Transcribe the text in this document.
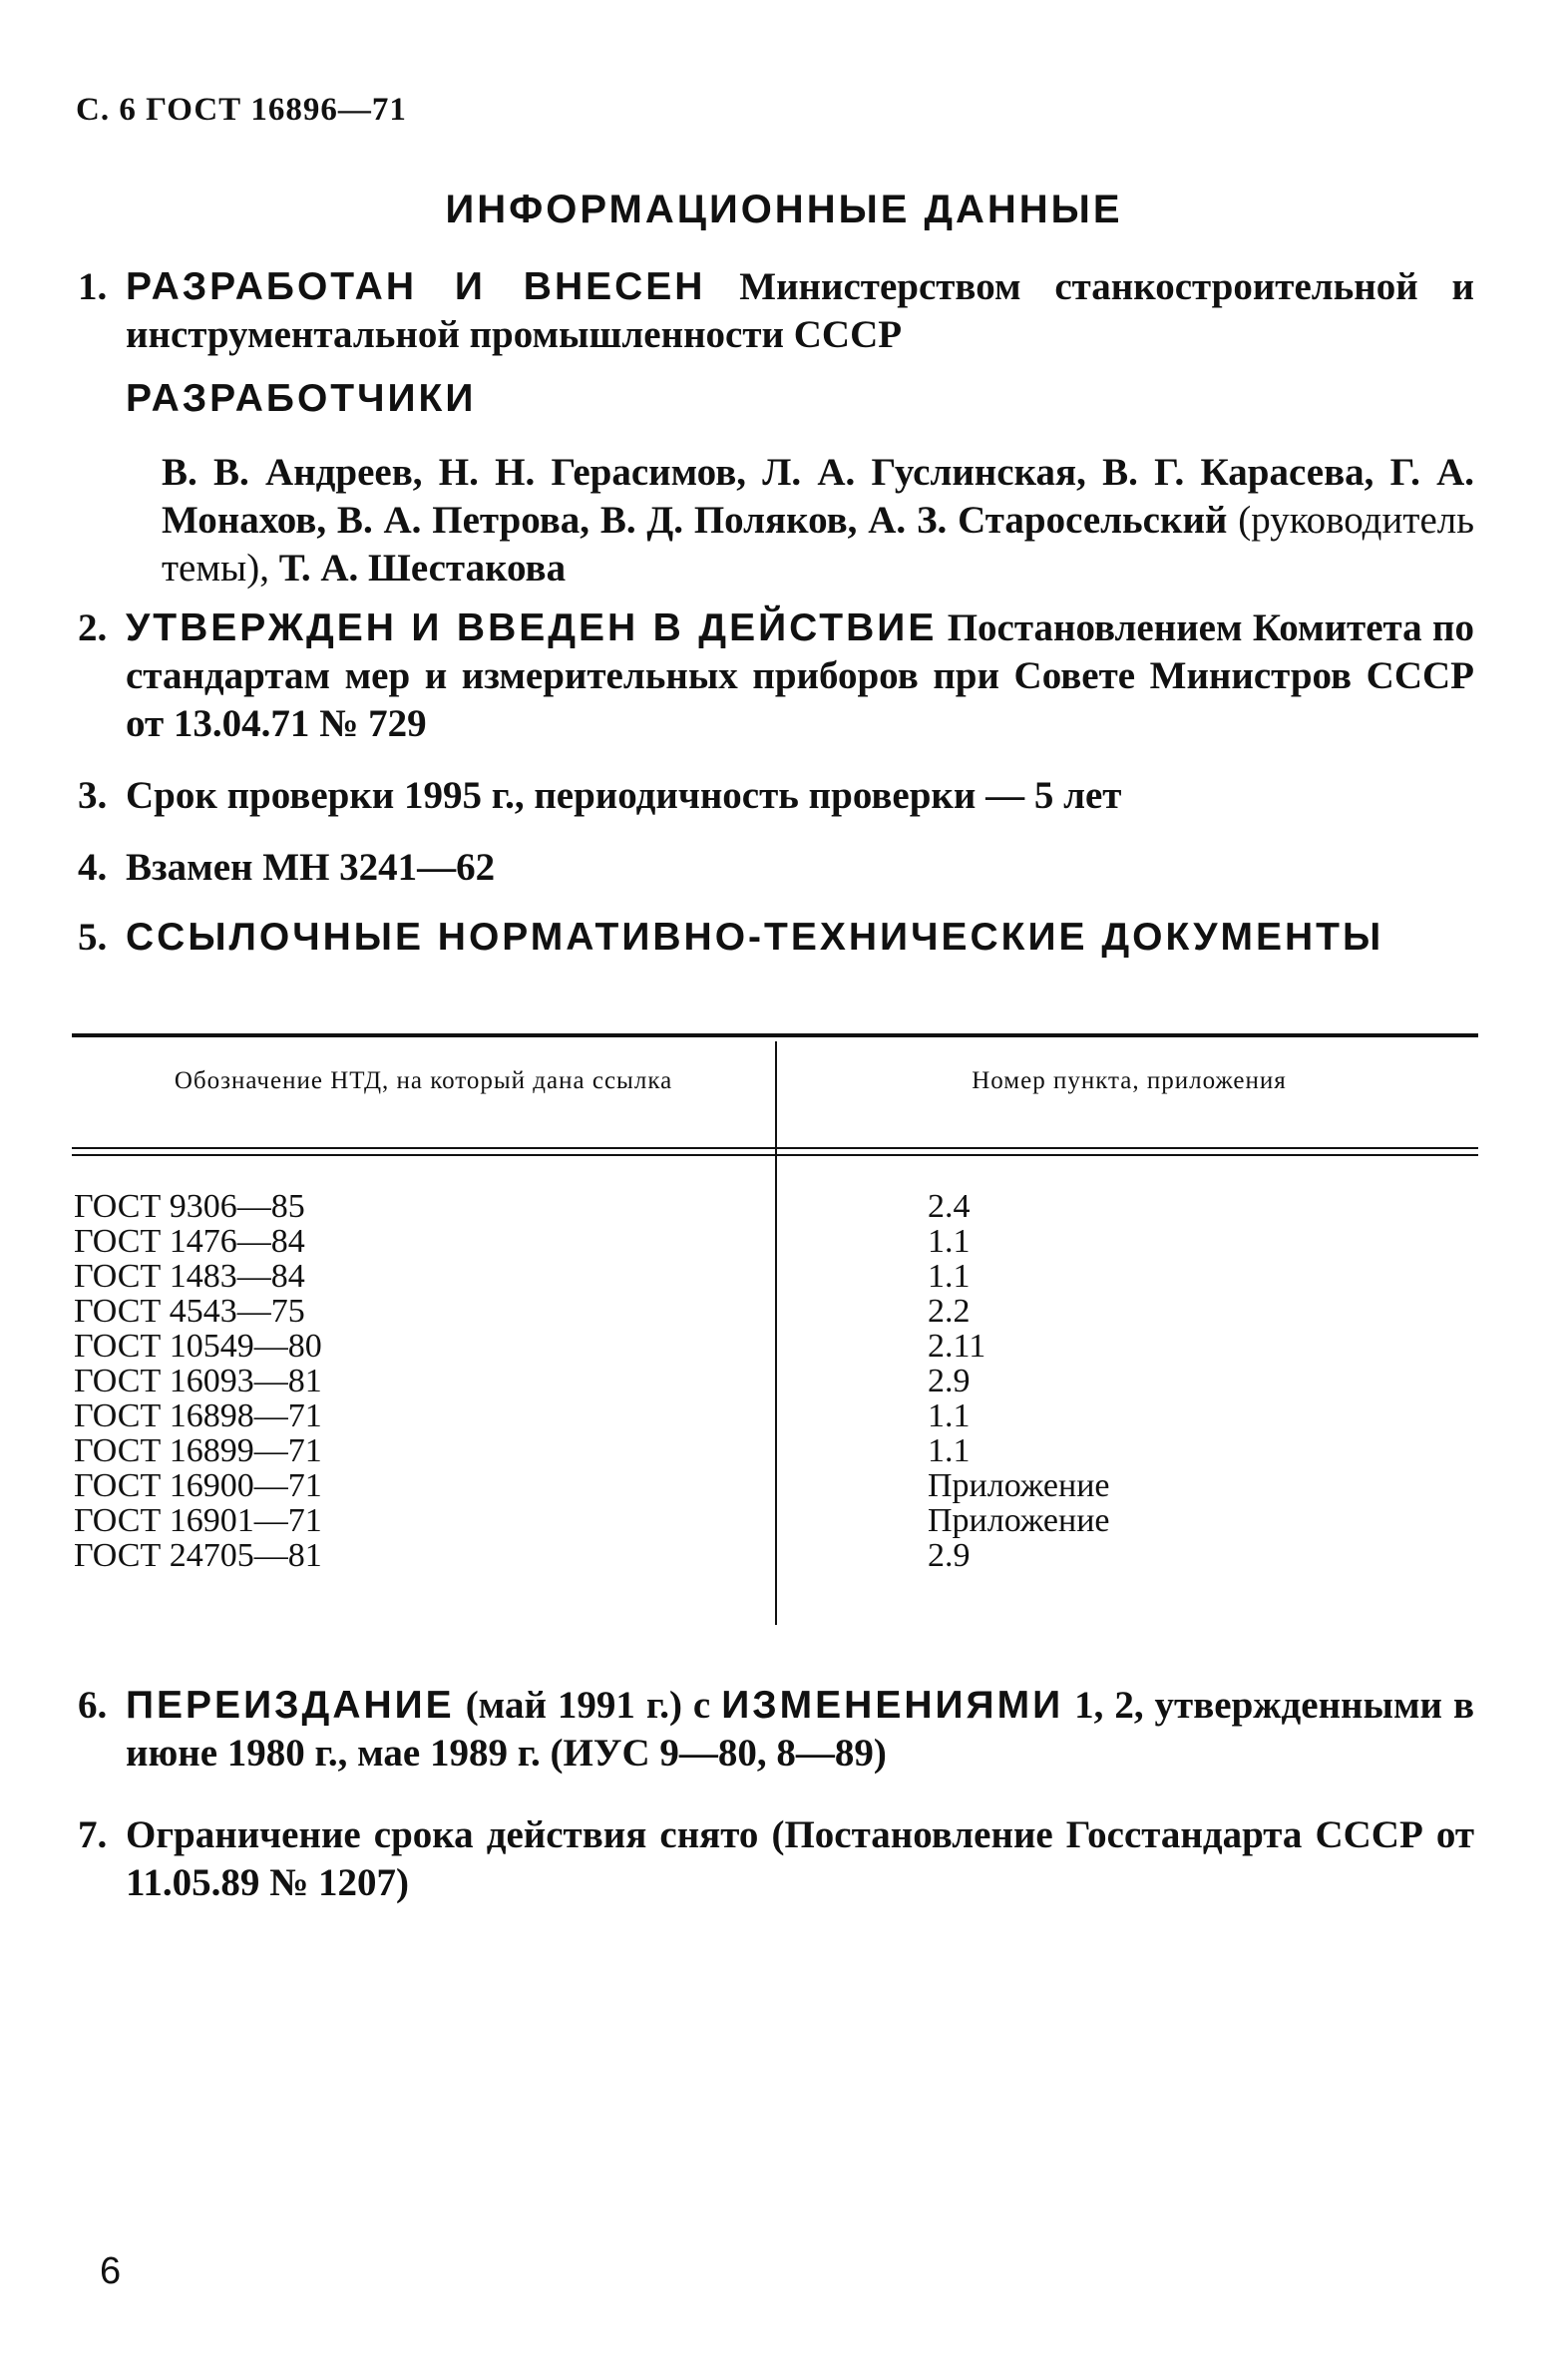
С. 6 ГОСТ 16896—71
ИНФОРМАЦИОННЫЕ ДАННЫЕ
1. РАЗРАБОТАН И ВНЕСЕН Министерством станкостроительной и инструментальной промышленности СССР
РАЗРАБОТЧИКИ
В. В. Андреев, Н. Н. Герасимов, Л. А. Гуслинская, В. Г. Карасева, Г. А. Монахов, В. А. Петрова, В. Д. Поляков, А. З. Старосельский (руководитель темы), Т. А. Шестакова
2. УТВЕРЖДЕН И ВВЕДЕН В ДЕЙСТВИЕ Постановлением Комитета по стандартам мер и измерительных приборов при Совете Министров СССР от 13.04.71 № 729
3. Срок проверки 1995 г., периодичность проверки — 5 лет
4. Взамен МН 3241—62
5. ССЫЛОЧНЫЕ НОРМАТИВНО-ТЕХНИЧЕСКИЕ ДОКУМЕНТЫ
Обозначение НТД, на который дана ссылка	Номер пункта, приложения
ГОСТ 9306—85
ГОСТ 1476—84
ГОСТ 1483—84
ГОСТ 4543—75
ГОСТ 10549—80
ГОСТ 16093—81
ГОСТ 16898—71
ГОСТ 16899—71
ГОСТ 16900—71
ГОСТ 16901—71
ГОСТ 24705—81
2.4
1.1
1.1
2.2
2.11
2.9
1.1
1.1
Приложение
Приложение
2.9
6. ПЕРЕИЗДАНИЕ (май 1991 г.) с ИЗМЕНЕНИЯМИ 1, 2, утвержденными в июне 1980 г., мае 1989 г. (ИУС 9—80, 8—89)
7. Ограничение срока действия снято (Постановление Госстандарта СССР от 11.05.89 № 1207)
6
